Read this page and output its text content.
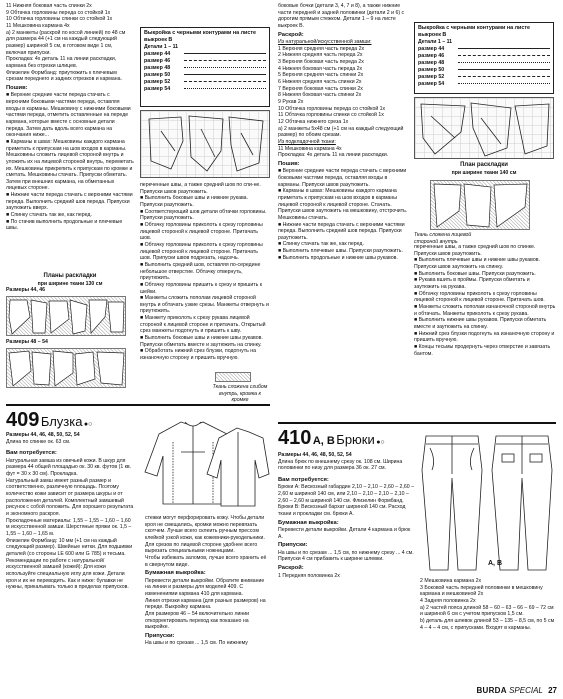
11 Нижняя боковая часть спинки 2х
9 Обтачка горловины переда со стойкой 1х
10 Обтачка горловины спинки со стойкой 1х
11 Мешковина кармана 4х
a) 2 манжеты (раскрой по косой линией) по 48 см для размера 44 (+1 см на каждый следующий размер) шириной 5 см, в готовом виде 1 см, включая припуски.
Прокладка: 4х деталь 11 на линии раскладки, кармана без отрезки шлицев.
Флизелин Формбанд: приутюжить к плечевым срезам переднего и задних отрезков и кармана.
Пошив:
■ Верхние средние части переда стачать с верхними боковыми частями переда, оставляя входы в карманы. Мешковину с нижними боковыми частями переда, отметить оставленные на переде кармана, которые вместе с основные детали переда. Затем дать вдоль всего кармана на окончания ниже...
■ Карманы в швах: Мешковины каждого кармана приметать к припускам на шов входов в карманы. Мешковины сложить лицевой стороной внутрь и уложить их на лицевой стороной внутрь, переметать их. Мешковины прикрепить к припускам по кромке и сметать. Мешковины стачать. Припуски обметать. Затем при внешних кармана, на обметанных лицевых стороне.
■ Нижние части переда стачать с верхними частями переда. Выполнить средний шов переда. Припуски заутюжить вверх.
■ Спинку стачать так же, как перед.
■ По стачив выполнить продольные и плечевые швы.
Планы раскладки
при ширине ткани 130 см
Размеры 44, 46
Размеры 48 – 54
Выкройка с черными контурами на листе выкроек В
Детали 1 – 11
размер 44
размер 46
размер 48
размер 50
размер 52
размер 54
переченные швы, а также средний шов по спи-не. Припуски швов разутюжить.
■ Выполнить боковые швы и нижние рукава. Припуски разутюжить.
■ Соответствующий шов детали обтачки горловины. Припуски разутюжить.
■ Обтачку горловины приколоть к срезу горловины лицевой стороной к лицевой стороне. Притачать шов.
■ Обтачку горловины приколоть к срезу горловины лицевой стороной к лицевой стороне. Притачать шов. Припуски швов подрезать, надсечь.
■ Выполнить средний шов, оставляя по-середине небольшое отверстие. Обтачку отвернуть, приутюжить.
■ Обтачку горловины пришить к срезу и пришить к шейки.
■ Манжеты сложить пополам лицевой стороной внутрь и обтачать узкие срезы. Манжеты отвернуть и приутюжить.
■ Манжету приколоть к срезу рукава лицевой стороной к лицевой стороне и притачать. Открытый срез манжеты подогнуть и пришить к шву.
■ Выполнить боковые швы и нижние швы рукавов. Припуски обметать вместе и заутюжить на спинку.
■ Обработать нижний срез блузки, подогнуть на изнаночную сторону и пришить вручную.
Ткань сложена сгибом внутрь, кромка к кромке
боковые бочки (детали 3, 4, 7 и 8), а также нижние части передней и задней половинки (детали 2 и 6) с дорогим прямым стежком. Детали 1 – 9 на листе выкроек В.
Раскрой:
Из натуральной/искусственной замши:
1 Верхняя средняя часть переда 2х
2 Нижняя средняя часть переда 2х
3 Верхняя боковая часть переда 2х
4 Нижняя боковая часть переда 2х
5 Верхняя средняя часть спинки 2х
6 Нижняя средняя часть спинки 2х
7 Верхняя боковая часть спинки 2х
8 Нижняя боковая часть спинки 2х
9 Рукав 2х
10 Обтачка горловины переда со стойкой 1х
11 Обтачка горловины спинки со стойкой 1х
12 Обтачка нижнего среза 1х
a) 2 манжеты 5х48 см (+1 см на каждый следующий размер) по обоим срезам.
Из подкладочной ткани:
11 Мешковина кармана 4х
Прокладка: 4х деталь 11 на линии раскладки.
Пошив:
■ Верхние средние части переда стачать с верхними боковыми частями переда, оставляя входы в карманы. Припуски швов разутюжить.
■ Карманы в швах: Мешковины каждого кармана приметать к припускам на шов входов в карманы лицевой стороной к лицевой стороне. Стачать. Припуски швов заутюжить на мешковину, отстрочить. Мешковины стачать.
■ Нижние части переда стачать с верхними частями переда. Выполнить средний шов переда. Припуски разутюжить.
■ Спинку стачать так же, как перед.
■ Выполнить плечевые швы. Припуски разутюжить.
■ Выполнить продольные и нижние швы рукавов.
Выкройка с черными контурами на листе выкроек В
Детали 1 – 11
размер 44
размер 46
размер 48
размер 50
размер 52
размер 54
План раскладки
при ширине ткани 140 см
Ткань сложена лицевой стороной внутрь
переченные швы, а также средний шов по спинке. Припуски швов разутюжить.
■ Выполнить плечевые швы и нижние швы рукавов. Припуски швов заутюжить на спинку.
■ Выполнить боковые швы. Припуски разутюжить.
■ Рукава вшить в проймы. Припуски обметать и заутюжить на рукава.
■ Обтачку горловины приколоть к срезу горловины лицевой стороной к лицевой стороне. Притачать шов.
■ Манжеты сложить пополам изнаночной стороной внутрь и обтачать. Манжеты приколоть к срезу рукава.
■ Выполнить нижние швы рукавов. Припуски обметать вместе и заутюжить на спинку.
■ Нижний срез блузки подогнуть на изнаночную сторону и пришить вручную.
■ Концы тесьмы продернуть через отверстие и завязать бантом.
409 Блузка ●○
Размеры 44, 46, 48, 50, 52, 54
Длина по спинке ок. 63 см.
Вам потребуется:
Натуральная замша из овечьей кожи. В шкур для размера 44 общей площадью ок. 30 кв. футов (1 кв. фут = 30 х 30 см). Прокладка.
Натуральный замш имеет разный размер и соответственно, различную площадь. Поэтому количество кожи зависит от размера шкуры и от расположения деталей. Комплектный замшевый рисунок с собой положить. Для хорошего результата и экономного раскроя.
Прокладочные материалы: 1,55 – 1,55 – 1,60 – 1,60 м искусственной замши. Шерстяные пряжи ок. 1,5 – 1,55 – 1,60 – 1,65 м.
Флизелин Формбанд: 10 мм (+1 см на каждый следующий размер). Швейные нитки. Для подшивки деталей (со стороны LE 600 или G 785) и тесьма.
Рекомендации по работе с натуральной/искусственной замшей (кожей): Для кожи используйте специальную иглу для кожи. Детали кроя и их не переводить. Как и ниже: булавки не нужны, прикалывать только в пределах припусков.
стежки могут перфорировать кожу. Чтобы детали кроя не смещались, кромки можно перевязать скотчем. Лучше всего склеить ручным прессом клейкой узкой кожи, как кожевники-рукодельники. Для срезов по лицевой стороне удобнее всего вырезать специальными ножницами.
Чтобы избежать заломов, лучше всего хранить её в свернутом виде.
Бумажная выкройка:
Перевести детали выкройки. Обратите внимание на линии и размеры для моделей 409. С изменениями кармана 410 для кармана.
Линия отрезки кармана (для разных размеров) на переде. Выкройку кармана.
Для размеров 46 – 54 включительно линии откорректировать переход как показано на выкройке.
Припуски:
На швы и по срезам ... 1,5 см. По нижнему
410 A, B Брюки ●○
Размеры 44, 46, 48, 50, 52, 54
Длина брюк по внешнему срезу ок. 108 см. Ширина половинки по низу для размера 36 ок. 27 см.
Вам потребуется:
Брюки А: Вискозный габардин 2,10 – 2,10 – 2,60 – 2,60 – 2,60 м шириной 140 см, или 2,10 – 2,10 – 2,10 – 2,10 – 2,60 – 2,60 м шириной 140 см. Флизелин Формбанд.
Брюки В: Вискозный бархат шириной 140 см. Расход ткани и прокладки см. брюки А.
Бумажная выкройка:
Перевести детали выкройки. Детали 4 кармана и брюк А.
Припуски:
На швы и по срезам ... 1,5 см, по нижнему срезу ... 4 см. Припуски 4 см прибавить к ширине шлевки.
Раскрой:
1 Передняя половинка 2х
А, В
2 Мешковина кармана 2х
3 Боковой часть передней половинки в мешковину кармана и мешковиной 2х
4 Задняя половинка 2х
a) 2 частей пояса длиной 58 – 60 – 63 – 66 – 69 – 72 см и шириной 6 см с учетом припусков 1,5 см.
b) деталь для шлевок длиной 53 – 135 – 8,5 см, по 5 см 4 – 4 – 4 см, с припусками. Входят в карманы.
BURDA SPECIAL 27
